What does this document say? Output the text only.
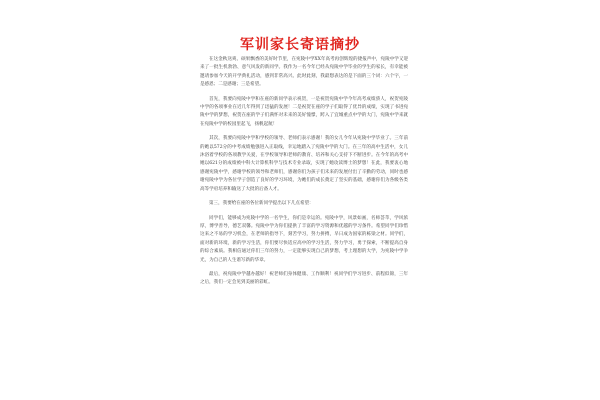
军训家长寄语摘抄

在这金秋送爽、硕果飘香的美好时节里，在宛陵中学XX年高考再创辉煌的捷报声中，宛陵中学又迎来了一批生机勃勃、意气风发的新同学。我作为一名今年已经从宛陵中学毕业的学生的家长，有幸能被邀请参加今天的开学典礼活动，感到非常高兴。此时此刻，我最想表达的是下面的三个词：六个字，一是感恩；二是感谢；三是希望。

首先，我要向宛陵中学和在座的新同学表示祝贺，一是祝贺宛陵中学今年高考成绩骄人，祝贺宛陵中学的各项事业在近几年得到了迅猛的发展！二是祝贺在座的学子们取得了优异的成绩，实现了书进宛陵中学的梦想，祝贺在座的学子们满怀对未来的美好憧憬，跨入了宜城重点中学的大门，宛陵中学来就在宛陵中学的校园里起飞，扬帆起航！

其次，我要向宛陵中学和学校的领导、老师们表示感谢！我的女儿今年从宛陵中学毕业了。三年前的她以572分的中考成绩勉强进入正取线，幸运地踏入了宛陵中学的大门。在三年的高中生活中，女儿沐浴着学校的各项教学关爱，在学校领导和老师的教育、培养和关心支持下不断进步。在今年的高考中她以621分的成绩被中科大计算机科学与技术专业录取，实现了她攻读博士的梦想！在此，我要衷心地感谢宛陵中学，感谢学校的领导和老师们，感谢你们为孩子们未来的发展付出了辛勤的劳动，同时也感谢宛陵中学为各位学子创造了良好的学习环境，为她们的成长奠定了坚实的基础，感谢你们为各级各类高等学府培养和输送了大批的后备人才。

第三，我要给在座的各位新同学提出以下几点希望：

同学们，能够成为宛陵中学的一名学生，你们是幸运的。宛陵中学，风景如画，名师荟萃，学风浓厚，博学善导，德艺双馨。宛陵中学为你们提供了丰富的学习资源和优越的学习条件。希望同学们珍惜这来之不易的学习机会，在老师的指导下，刻苦学习，努力拼搏，早日成为国家的栋梁之材。同学们，面对新的环境，新的学习生活，你们要尽快适应高中的学习生活，努力学习，勇于探索，不断提高自身的综合素质。我相信通过你们三年的努力，一定能够实现自己的梦想，考上理想的大学，为宛陵中学争光，为自己的人生谱写新的华章。

最后，祝宛陵中学越办越好！祝老师们身体健康、工作顺利！祝同学们学习进步、前程似锦，三年之后，我们一定会见到美丽的彩虹。
